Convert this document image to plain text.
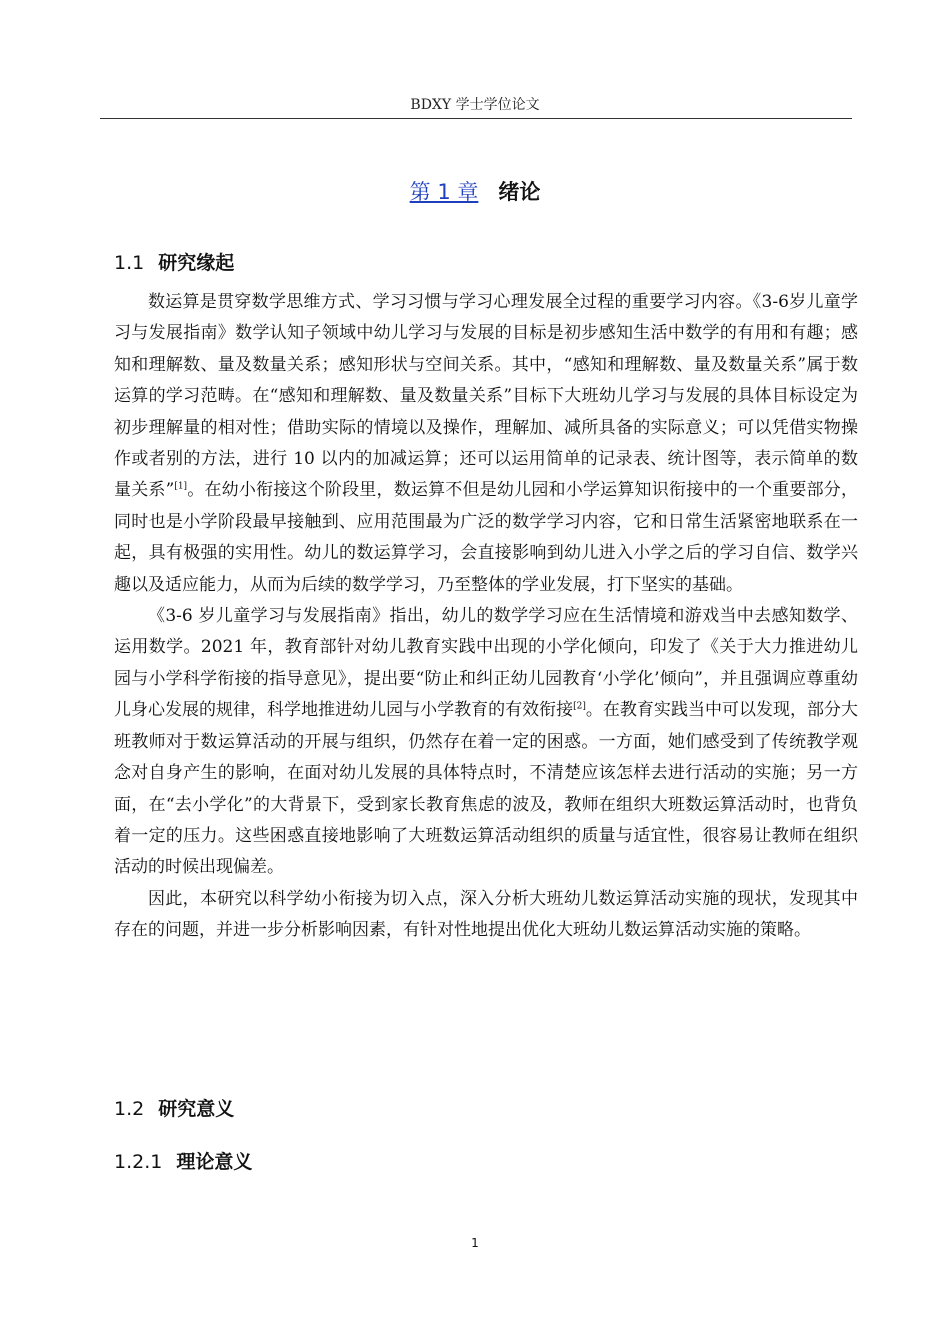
BDXY 学士学位论文
第 1 章 绪论
1.1 研究缘起

数运算是贯穿数学思维方式、学习习惯与学习心理发展全过程的重要学习内容。《3-6岁儿童学习与发展指南》数学认知子领域中幼儿学习与发展的目标是初步感知生活中数学的有用和有趣；感知和理解数、量及数量关系；感知形状与空间关系。其中，“感知和理解数、量及数量关系”属于数运算的学习范畴。在“感知和理解数、量及数量关系”目标下大班幼儿学习与发展的具体目标设定为初步理解量的相对性；借助实际的情境以及操作，理解加、减所具备的实际意义；可以凭借实物操作或者别的方法，进行 10 以内的加减运算；还可以运用简单的记录表、统计图等，表示简单的数量关系”[1]。在幼小衔接这个阶段里，数运算不但是幼儿园和小学运算知识衔接中的一个重要部分，同时也是小学阶段最早接触到、应用范围最为广泛的数学学习内容，它和日常生活紧密地联系在一起，具有极强的实用性。幼儿的数运算学习，会直接影响到幼儿进入小学之后的学习自信、数学兴趣以及适应能力，从而为后续的数学学习，乃至整体的学业发展，打下坚实的基础。

《3-6 岁儿童学习与发展指南》指出，幼儿的数学学习应在生活情境和游戏当中去感知数学、运用数学。2021 年，教育部针对幼儿教育实践中出现的小学化倾向，印发了《关于大力推进幼儿园与小学科学衔接的指导意见》，提出要“防止和纠正幼儿园教育‘小学化’倾向”，并且强调应尊重幼儿身心发展的规律，科学地推进幼儿园与小学教育的有效衔接[2]。在教育实践当中可以发现，部分大班教师对于数运算活动的开展与组织，仍然存在着一定的困惑。一方面，她们感受到了传统教学观念对自身产生的影响，在面对幼儿发展的具体特点时，不清楚应该怎样去进行活动的实施；另一方面，在“去小学化”的大背景下，受到家长教育焦虑的波及，教师在组织大班数运算活动时，也背负着一定的压力。这些困惑直接地影响了大班数运算活动组织的质量与适宜性，很容易让教师在组织活动的时候出现偏差。

因此，本研究以科学幼小衔接为切入点，深入分析大班幼儿数运算活动实施的现状，发现其中存在的问题，并进一步分析影响因素，有针对性地提出优化大班幼儿数运算活动实施的策略。

1.2 研究意义
1.2.1 理论意义
1
